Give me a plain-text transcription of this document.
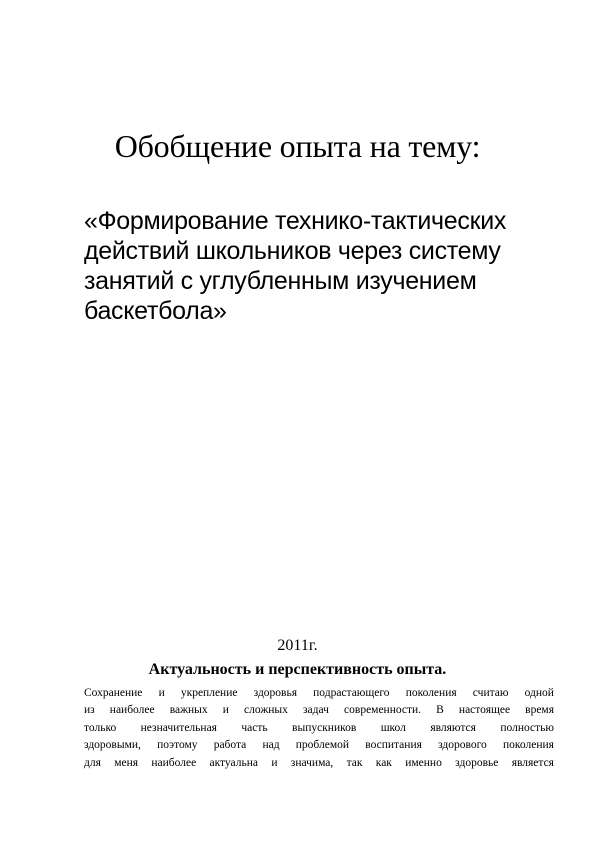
Обобщение опыта на тему:
«Формирование технико-тактических
действий школьников через систему
занятий с углубленным изучением
баскетбола»
2011г.
Актуальность и перспективность опыта.
Сохранение и укрепление здоровья подрастающего поколения считаю одной
из наиболее важных и сложных задач современности. В настоящее время
только незначительная часть выпускников школ являются полностью
здоровыми, поэтому работа над проблемой воспитания здорового поколения
для меня наиболее актуальна и значима, так как именно здоровье является
